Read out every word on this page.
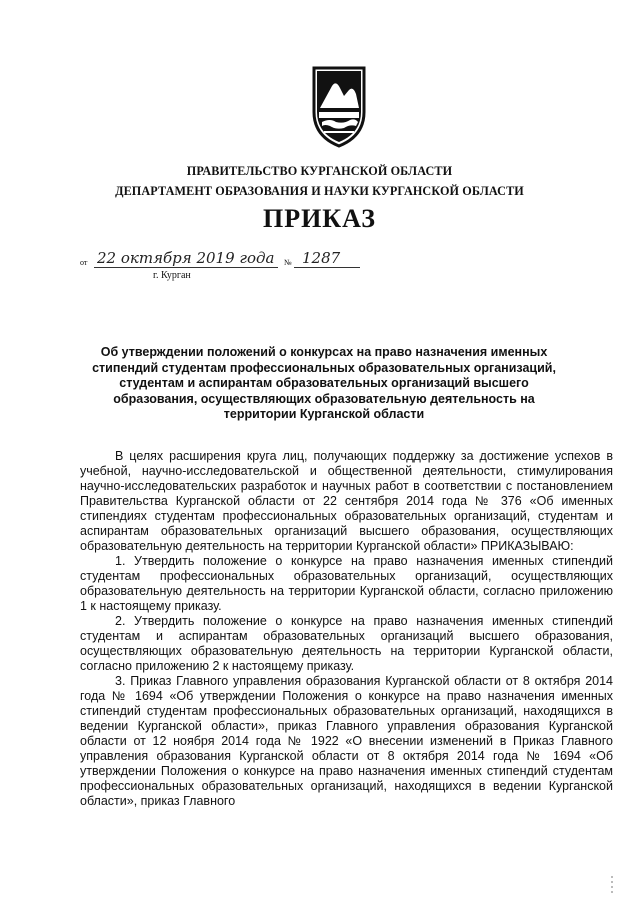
ПРАВИТЕЛЬСТВО КУРГАНСКОЙ ОБЛАСТИ
ДЕПАРТАМЕНТ ОБРАЗОВАНИЯ И НАУКИ КУРГАНСКОЙ ОБЛАСТИ
ПРИКАЗ
от 22 октября 2019 года № 1287
г. Курган
Об утверждении положений о конкурсах на право назначения именных стипендий студентам профессиональных образовательных организаций, студентам и аспирантам образовательных организаций высшего образования, осуществляющих образовательную деятельность на территории Курганской области

В целях расширения круга лиц, получающих поддержку за достижение успехов в учебной, научно-исследовательской и общественной деятельности, стимулирования научно-исследовательских разработок и научных работ в соответствии с постановлением Правительства Курганской области от 22 сентября 2014 года № 376 «Об именных стипендиях студентам профессиональных образовательных организаций, студентам и аспирантам образовательных организаций высшего образования, осуществляющих образовательную деятельность на территории Курганской области» ПРИКАЗЫВАЮ:

1. Утвердить положение о конкурсе на право назначения именных стипендий студентам профессиональных образовательных организаций, осуществляющих образовательную деятельность на территории Курганской области, согласно приложению 1 к настоящему приказу.

2. Утвердить положение о конкурсе на право назначения именных стипендий студентам и аспирантам образовательных организаций высшего образования, осуществляющих образовательную деятельность на территории Курганской области, согласно приложению 2 к настоящему приказу.

3. Приказ Главного управления образования Курганской области от 8 октября 2014 года № 1694 «Об утверждении Положения о конкурсе на право назначения именных стипендий студентам профессиональных образовательных организаций, находящихся в ведении Курганской области», приказ Главного управления образования Курганской области от 12 ноября 2014 года № 1922 «О внесении изменений в Приказ Главного управления образования Курганской области от 8 октября 2014 года № 1694 «Об утверждении Положения о конкурсе на право назначения именных стипендий студентам профессиональных образовательных организаций, находящихся в ведении Курганской области», приказ Главного
